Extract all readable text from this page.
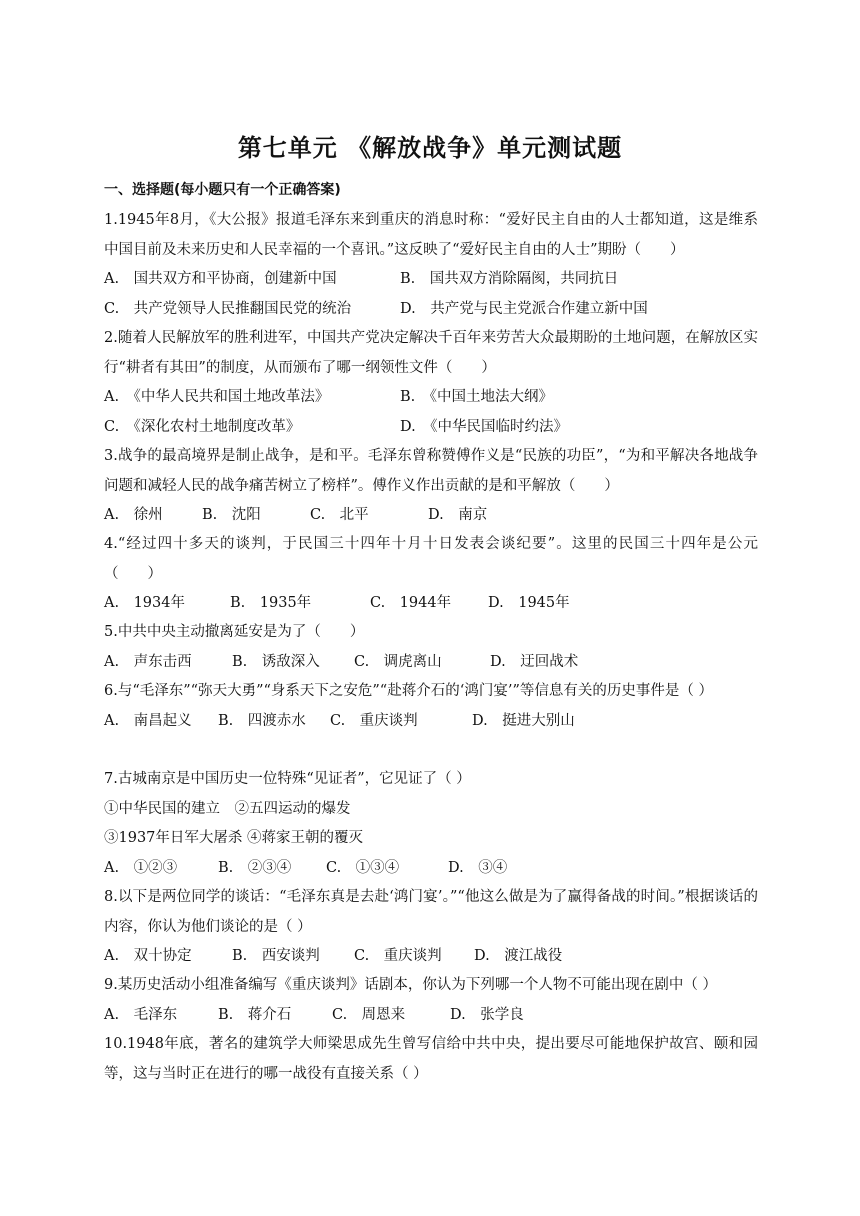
第七单元 《解放战争》单元测试题
一、选择题(每小题只有一个正确答案)
1.1945年8月，《大公报》报道毛泽东来到重庆的消息时称：“爱好民主自由的人士都知道，这是维系中国目前及未来历史和人民幸福的一个喜讯。”这反映了“爱好民主自由的人士”期盼（　　）
A.　国共双方和平协商，创建新中国	B.　国共双方消除隔阂，共同抗日
C.　共产党领导人民推翻国民党的统治	D.　共产党与民主党派合作建立新中国
2.随着人民解放军的胜利进军，中国共产党决定解决千百年来劳苦大众最期盼的土地问题，在解放区实行“耕者有其田”的制度，从而颁布了哪一纲领性文件（　　）
A.　《中华人民共和国土地改革法》	B.　《中国土地法大纲》
C.　《深化农村土地制度改革》	D.　《中华民国临时约法》
3.战争的最高境界是制止战争，是和平。毛泽东曾称赞傅作义是“民族的功臣”，“为和平解决各地战争问题和减轻人民的战争痛苦树立了榜样”。傅作义作出贡献的是和平解放（　　）
A.　徐州	B.　沈阳	C.　北平	D.　南京
4.“经过四十多天的谈判，于民国三十四年十月十日发表会谈纪要”。这里的民国三十四年是公元（　　）
A.　1934年	B.　1935年	C.　1944年	D.　1945年
5.中共中央主动撤离延安是为了（　　）
A.　声东击西	B.　诱敌深入 C.　调虎离山	D.　迂回战术
6.与“毛泽东”“弥天大勇”“身系天下之安危”“赴蒋介石的‘鸿门宴’”等信息有关的历史事件是（ ）
A.　南昌起义 B.　四渡赤水 C.　重庆谈判	D.　挺进大别山
7.古城南京是中国历史一位特殊“见证者”，它见证了（ ）
①中华民国的建立　②五四运动的爆发
③1937年日军大屠杀 ④蒋家王朝的覆灭
A.　①②③	B.　②③④ C.　①③④	D.　③④
8.以下是两位同学的谈话：“毛泽东真是去赴‘鸿门宴’。”“他这么做是为了赢得备战的时间。”根据谈话的内容，你认为他们谈论的是（ ）
A.　双十协定	B.　西安谈判 C.　重庆谈判 D.　渡江战役
9.某历史活动小组准备编写《重庆谈判》话剧本，你认为下列哪一个人物不可能出现在剧中（ ）
A.　毛泽东	B.　蒋介石	C.　周恩来	D.　张学良
10.1948年底，著名的建筑学大师梁思成先生曾写信给中共中央，提出要尽可能地保护故宫、颐和园等，这与当时正在进行的哪一战役有直接关系（ ）
